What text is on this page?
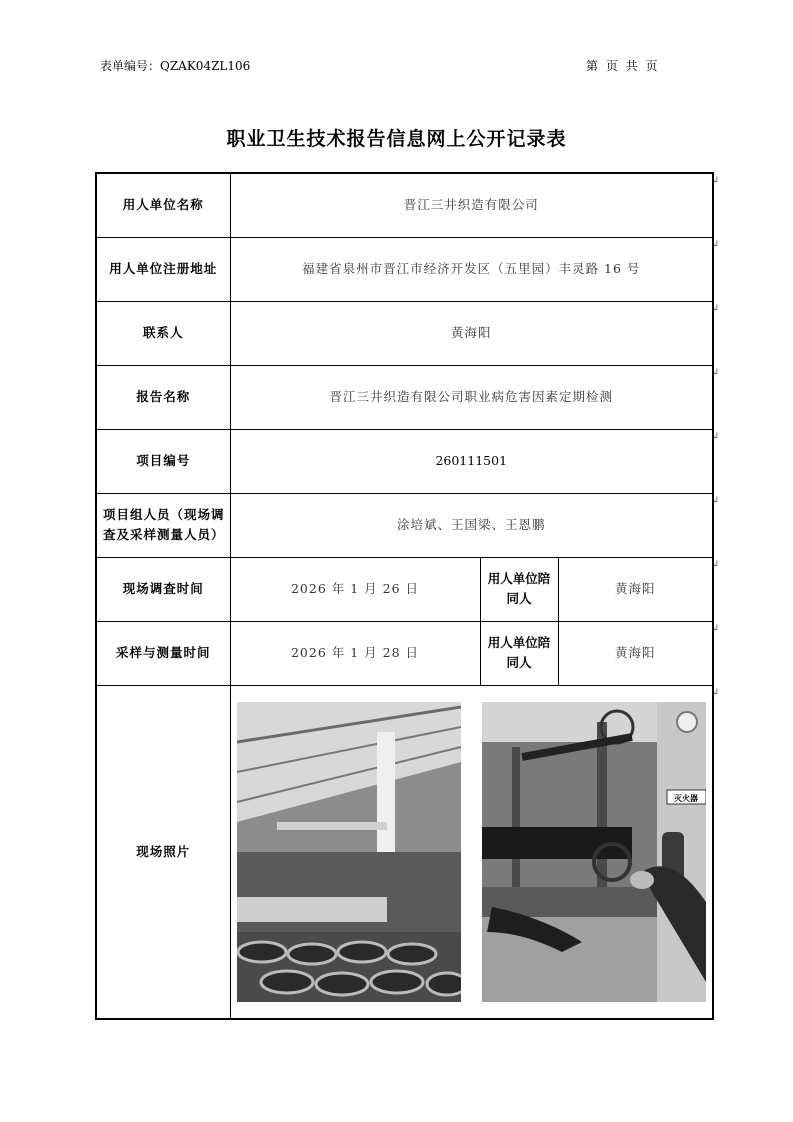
表单编号：QZAK04ZL106	第 页 共 页
职业卫生技术报告信息网上公开记录表
用人单位名称	晋江三井织造有限公司		
用人单位注册地址	福建省泉州市晋江市经济开发区（五里园）丰灵路 16 号		
联系人	黄海阳		
报告名称	晋江三井织造有限公司职业病危害因素定期检测		
项目编号	260111501		
项目组人员（现场调查及采样测量人员）	涂培斌、王国梁、王恩鹏		
现场调查时间	2026 年 1 月 26 日	用人单位陪同人	黄海阳
采样与测量时间	2026 年 1 月 28 日	用人单位陪同人	黄海阳
现场照片	灭火器		
↲
↲
↲
↲
↲
↲
↲
↲
↲
